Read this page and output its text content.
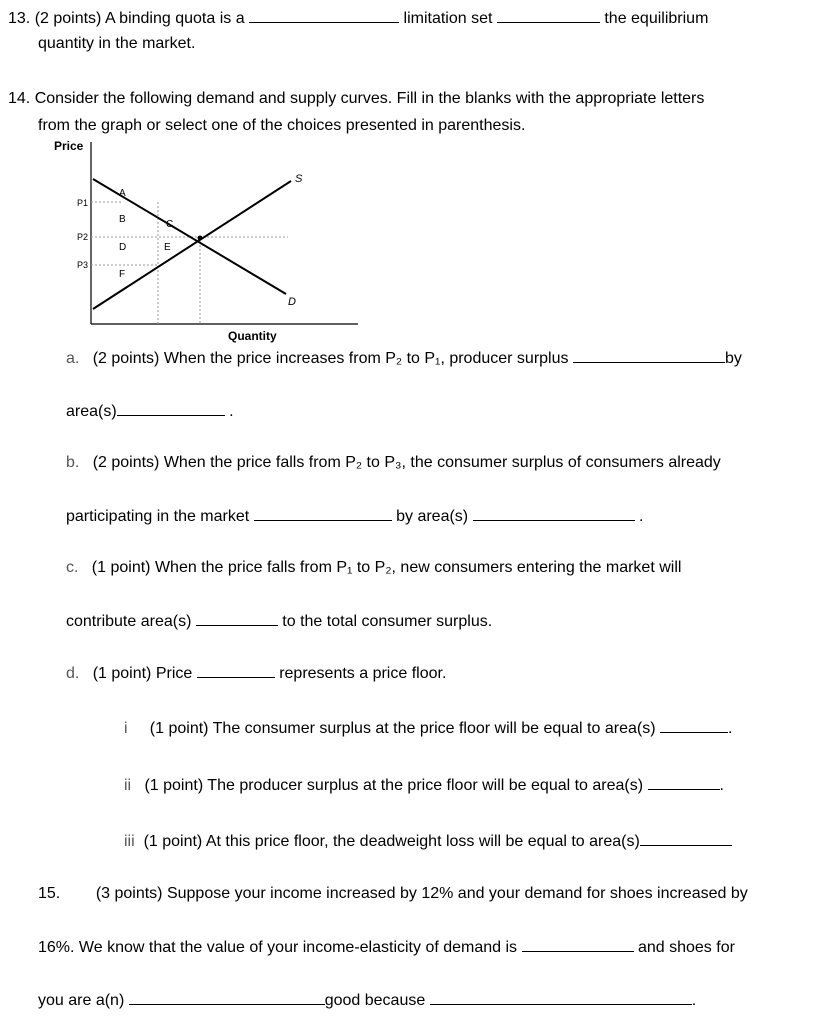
13. (2 points) A binding quota is a	limitation set	the equilibrium
quantity in the market.
14. Consider the following demand and supply curves. Fill in the blanks with the appropriate letters
from the graph or select one of the choices presented in parenthesis.
Price
S
D
P1
P2
P3
A
B	C
D	E
F
Quantity
a. (2 points) When the price increases from P₂ to P₁, producer surplus	by
area(s)	.
b. (2 points) When the price falls from P₂ to P₃, the consumer surplus of consumers already
participating in the market	by area(s)	.
c. (1 point) When the price falls from P₁ to P₂, new consumers entering the market will
contribute area(s)	to the total consumer surplus.
d. (1 point) Price	represents a price floor.
i (1 point) The consumer surplus at the price floor will be equal to area(s)	.
ii (1 point) The producer surplus at the price floor will be equal to area(s)	.
iii (1 point) At this price floor, the deadweight loss will be equal to area(s)
15. (3 points) Suppose your income increased by 12% and your demand for shoes increased by
16%. We know that the value of your income-elasticity of demand is	and shoes for
you are a(n)	good because	.
